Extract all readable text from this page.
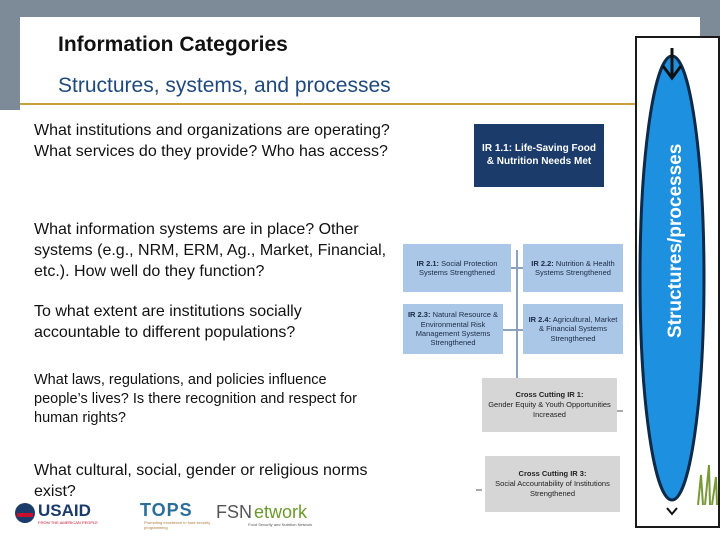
Information Categories
Structures, systems, and processes
What institutions and organizations are operating? What services do they provide? Who has access?
What information systems are in place? Other systems (e.g., NRM, ERM, Ag., Market, Financial, etc.). How well do they function?
To what extent are institutions socially accountable to different populations?
What laws, regulations, and policies influence people’s lives? Is there recognition and respect for human rights?
What cultural, social, gender or religious norms exist?
IR 1.1: Life-Saving Food & Nutrition Needs Met
IR 2.1: Social Protection Systems Strengthened
IR 2.2: Nutrition & Health Systems Strengthened
IR 2.3: Natural Resource & Environmental Risk Management Systems Strengthened
IR 2.4: Agricultural, Market & Financial Systems Strengthened
Cross Cutting IR 1:
Gender Equity & Youth Opportunities Increased
Cross Cutting IR 3:
Social Accountability of Institutions Strengthened
Structures/processes
USAID
FROM THE AMERICAN PEOPLE
TOPS
Promoting excellence in food security programming
FSN etwork
Food Security and Nutrition Network
